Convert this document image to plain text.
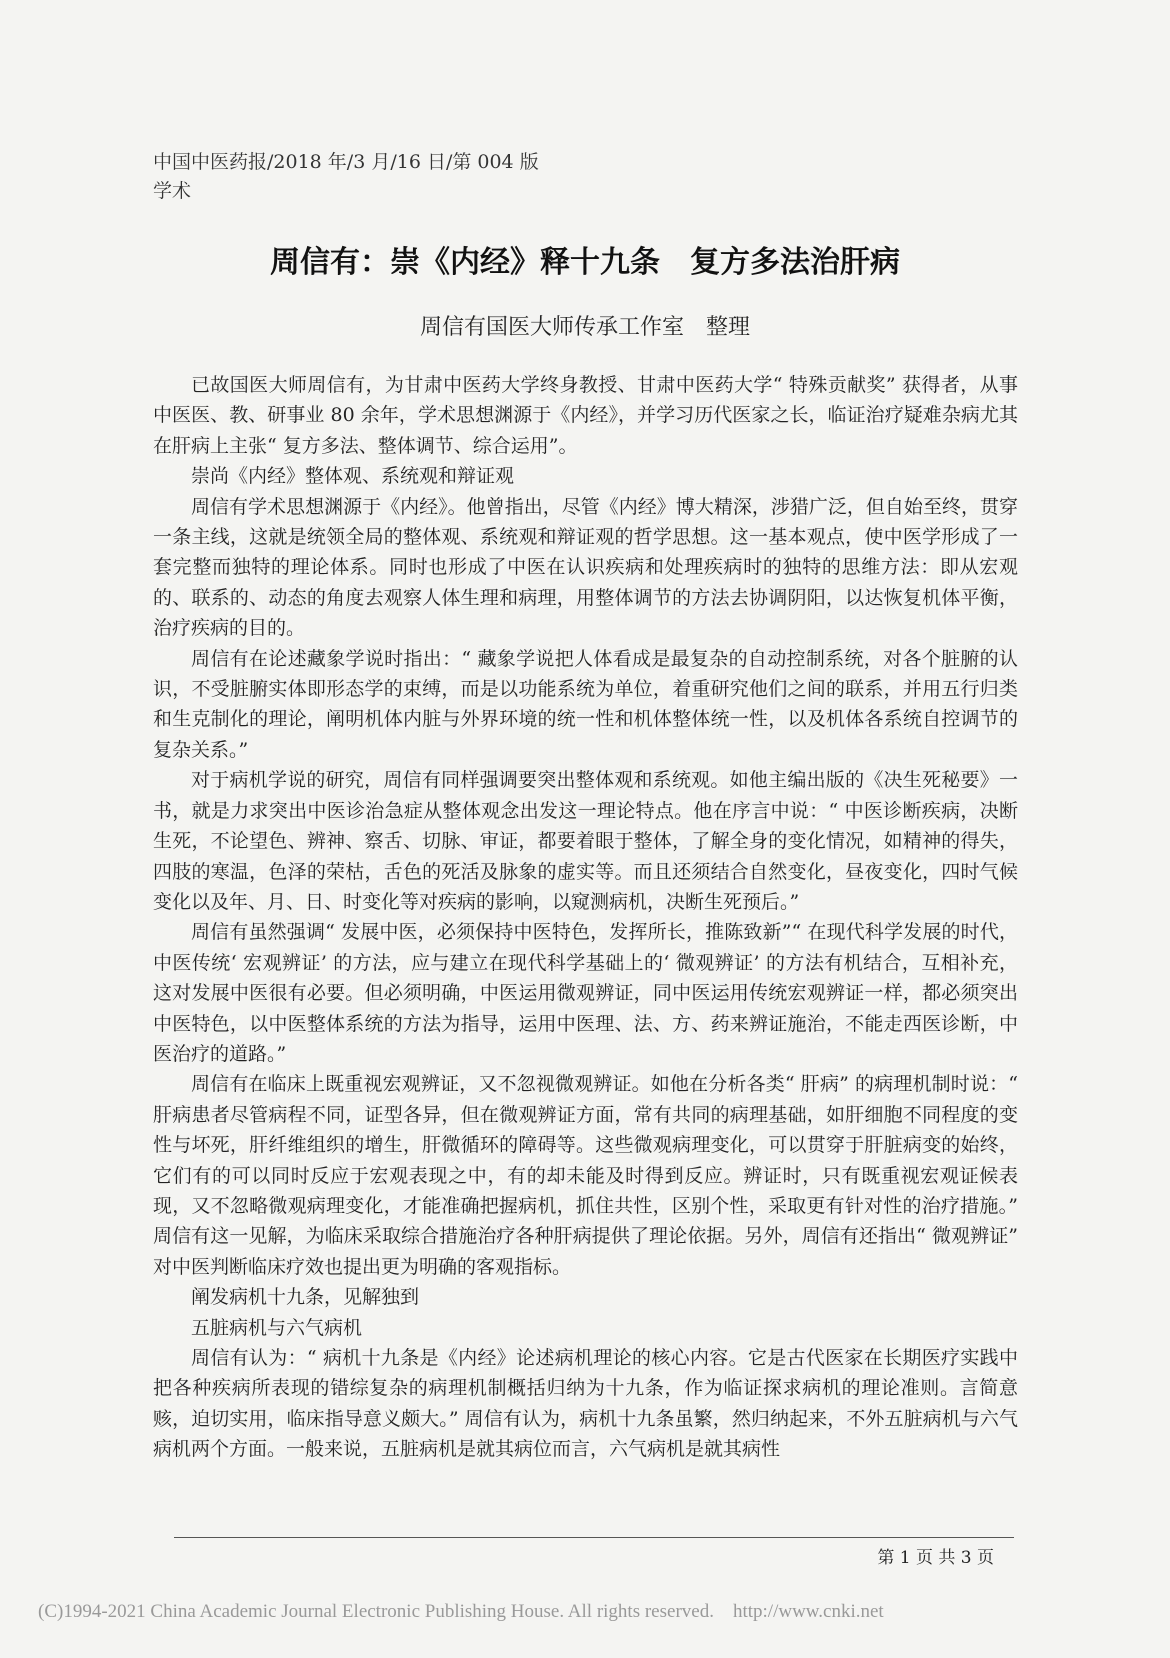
中国中医药报/2018 年/3 月/16 日/第 004 版
学术
周信有：崇《内经》释十九条　复方多法治肝病
周信有国医大师传承工作室　整理

已故国医大师周信有，为甘肃中医药大学终身教授、甘肃中医药大学“ 特殊贡献奖” 获得者，从事中医医、教、研事业 80 余年，学术思想渊源于《内经》，并学习历代医家之长，临证治疗疑难杂病尤其在肝病上主张“ 复方多法、整体调节、综合运用”。

崇尚《内经》整体观、系统观和辩证观

周信有学术思想渊源于《内经》。他曾指出，尽管《内经》博大精深，涉猎广泛，但自始至终，贯穿一条主线，这就是统领全局的整体观、系统观和辩证观的哲学思想。这一基本观点，使中医学形成了一套完整而独特的理论体系。同时也形成了中医在认识疾病和处理疾病时的独特的思维方法：即从宏观的、联系的、动态的角度去观察人体生理和病理，用整体调节的方法去协调阴阳，以达恢复机体平衡，治疗疾病的目的。

周信有在论述藏象学说时指出：“ 藏象学说把人体看成是最复杂的自动控制系统，对各个脏腑的认识，不受脏腑实体即形态学的束缚，而是以功能系统为单位，着重研究他们之间的联系，并用五行归类和生克制化的理论，阐明机体内脏与外界环境的统一性和机体整体统一性，以及机体各系统自控调节的复杂关系。”

对于病机学说的研究，周信有同样强调要突出整体观和系统观。如他主编出版的《决生死秘要》一书，就是力求突出中医诊治急症从整体观念出发这一理论特点。他在序言中说：“ 中医诊断疾病，决断生死，不论望色、辨神、察舌、切脉、审证，都要着眼于整体，了解全身的变化情况，如精神的得失，四肢的寒温，色泽的荣枯，舌色的死活及脉象的虚实等。而且还须结合自然变化，昼夜变化，四时气候变化以及年、月、日、时变化等对疾病的影响，以窥测病机，决断生死预后。”

周信有虽然强调“ 发展中医，必须保持中医特色，发挥所长，推陈致新”“ 在现代科学发展的时代，中医传统‘ 宏观辨证’ 的方法，应与建立在现代科学基础上的‘ 微观辨证’ 的方法有机结合，互相补充，这对发展中医很有必要。但必须明确，中医运用微观辨证，同中医运用传统宏观辨证一样，都必须突出中医特色，以中医整体系统的方法为指导，运用中医理、法、方、药来辨证施治，不能走西医诊断，中医治疗的道路。”

周信有在临床上既重视宏观辨证，又不忽视微观辨证。如他在分析各类“ 肝病” 的病理机制时说：“ 肝病患者尽管病程不同，证型各异，但在微观辨证方面，常有共同的病理基础，如肝细胞不同程度的变性与坏死，肝纤维组织的增生，肝微循环的障碍等。这些微观病理变化，可以贯穿于肝脏病变的始终，它们有的可以同时反应于宏观表现之中，有的却未能及时得到反应。辨证时，只有既重视宏观证候表现，又不忽略微观病理变化，才能准确把握病机，抓住共性，区别个性，采取更有针对性的治疗措施。” 周信有这一见解，为临床采取综合措施治疗各种肝病提供了理论依据。另外，周信有还指出“ 微观辨证” 对中医判断临床疗效也提出更为明确的客观指标。

阐发病机十九条，见解独到

五脏病机与六气病机

周信有认为：“ 病机十九条是《内经》论述病机理论的核心内容。它是古代医家在长期医疗实践中把各种疾病所表现的错综复杂的病理机制概括归纳为十九条，作为临证探求病机的理论准则。言简意赅，迫切实用，临床指导意义颇大。” 周信有认为，病机十九条虽繁，然归纳起来，不外五脏病机与六气病机两个方面。一般来说，五脏病机是就其病位而言，六气病机是就其病性

第 1 页 共 3 页
(C)1994-2021 China Academic Journal Electronic Publishing House. All rights reserved.    http://www.cnki.net
